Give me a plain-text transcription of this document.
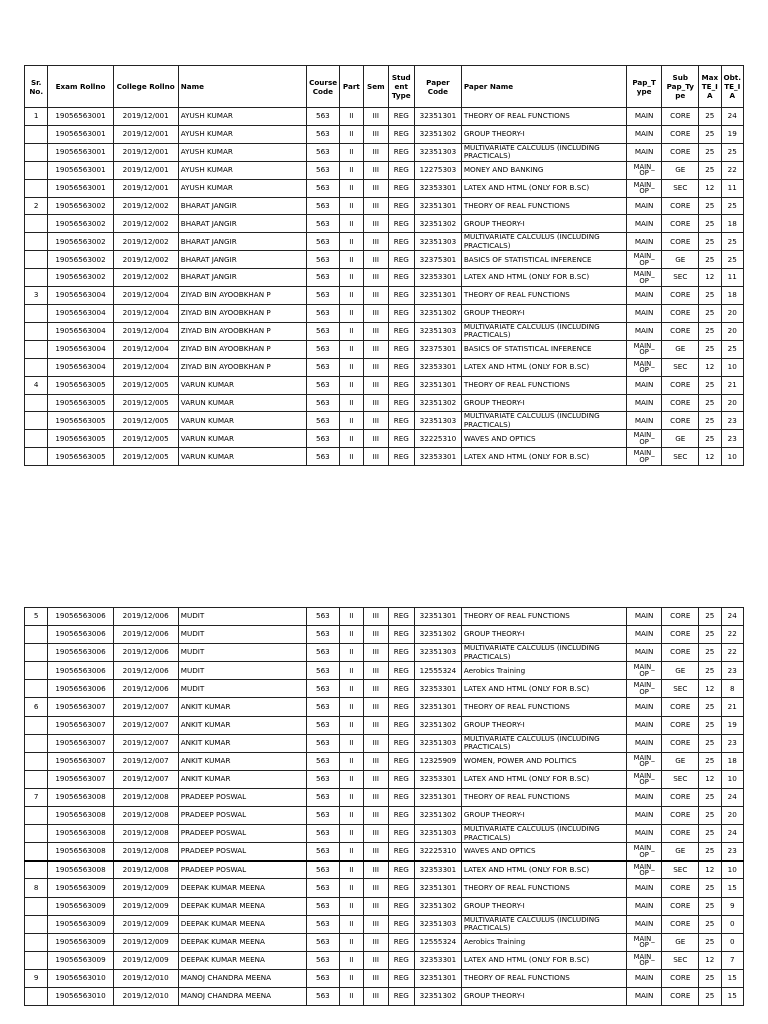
Sr. No.	Exam Rollno	College Rollno	Name	Course Code	Part	Sem	Stud ent Type	Paper Code	Paper Name	Pap_T ype	Sub Pap_Ty pe	Max TE_I A	Obt. TE_I A
1	19056563001	2019/12/001	AYUSH KUMAR	563	II	III	REG	32351301	THEORY OF REAL FUNCTIONS	MAIN	CORE	25	24
	19056563001	2019/12/001	AYUSH KUMAR	563	II	III	REG	32351302	GROUP THEORY-I	MAIN	CORE	25	19
	19056563001	2019/12/001	AYUSH KUMAR	563	II	III	REG	32351303	MULTIVARIATE CALCULUS (INCLUDING PRACTICALS)	MAIN	CORE	25	25
	19056563001	2019/12/001	AYUSH KUMAR	563	II	III	REG	12275303	MONEY AND BANKING	MAIN_ OP	GE	25	22
	19056563001	2019/12/001	AYUSH KUMAR	563	II	III	REG	32353301	LATEX AND HTML (ONLY FOR B.SC)	MAIN_ OP	SEC	12	11
2	19056563002	2019/12/002	BHARAT JANGIR	563	II	III	REG	32351301	THEORY OF REAL FUNCTIONS	MAIN	CORE	25	25
	19056563002	2019/12/002	BHARAT JANGIR	563	II	III	REG	32351302	GROUP THEORY-I	MAIN	CORE	25	18
	19056563002	2019/12/002	BHARAT JANGIR	563	II	III	REG	32351303	MULTIVARIATE CALCULUS (INCLUDING PRACTICALS)	MAIN	CORE	25	25
	19056563002	2019/12/002	BHARAT JANGIR	563	II	III	REG	32375301	BASICS OF STATISTICAL INFERENCE	MAIN_ OP	GE	25	25
	19056563002	2019/12/002	BHARAT JANGIR	563	II	III	REG	32353301	LATEX AND HTML (ONLY FOR B.SC)	MAIN_ OP	SEC	12	11
3	19056563004	2019/12/004	ZIYAD BIN AYOOBKHAN P	563	II	III	REG	32351301	THEORY OF REAL FUNCTIONS	MAIN	CORE	25	18
	19056563004	2019/12/004	ZIYAD BIN AYOOBKHAN P	563	II	III	REG	32351302	GROUP THEORY-I	MAIN	CORE	25	20
	19056563004	2019/12/004	ZIYAD BIN AYOOBKHAN P	563	II	III	REG	32351303	MULTIVARIATE CALCULUS (INCLUDING PRACTICALS)	MAIN	CORE	25	20
	19056563004	2019/12/004	ZIYAD BIN AYOOBKHAN P	563	II	III	REG	32375301	BASICS OF STATISTICAL INFERENCE	MAIN_ OP	GE	25	25
	19056563004	2019/12/004	ZIYAD BIN AYOOBKHAN P	563	II	III	REG	32353301	LATEX AND HTML (ONLY FOR B.SC)	MAIN_ OP	SEC	12	10
4	19056563005	2019/12/005	VARUN KUMAR	563	II	III	REG	32351301	THEORY OF REAL FUNCTIONS	MAIN	CORE	25	21
	19056563005	2019/12/005	VARUN KUMAR	563	II	III	REG	32351302	GROUP THEORY-I	MAIN	CORE	25	20
	19056563005	2019/12/005	VARUN KUMAR	563	II	III	REG	32351303	MULTIVARIATE CALCULUS (INCLUDING PRACTICALS)	MAIN	CORE	25	23
	19056563005	2019/12/005	VARUN KUMAR	563	II	III	REG	32225310	WAVES AND OPTICS	MAIN_ OP	GE	25	23
	19056563005	2019/12/005	VARUN KUMAR	563	II	III	REG	32353301	LATEX AND HTML (ONLY FOR B.SC)	MAIN_ OP	SEC	12	10
5	19056563006	2019/12/006	MUDIT	563	II	III	REG	32351301	THEORY OF REAL FUNCTIONS	MAIN	CORE	25	24
	19056563006	2019/12/006	MUDIT	563	II	III	REG	32351302	GROUP THEORY-I	MAIN	CORE	25	22
	19056563006	2019/12/006	MUDIT	563	II	III	REG	32351303	MULTIVARIATE CALCULUS (INCLUDING PRACTICALS)	MAIN	CORE	25	22
	19056563006	2019/12/006	MUDIT	563	II	III	REG	12555324	Aerobics Training	MAIN_ OP	GE	25	23
	19056563006	2019/12/006	MUDIT	563	II	III	REG	32353301	LATEX AND HTML (ONLY FOR B.SC)	MAIN_ OP	SEC	12	8
6	19056563007	2019/12/007	ANKIT KUMAR	563	II	III	REG	32351301	THEORY OF REAL FUNCTIONS	MAIN	CORE	25	21
	19056563007	2019/12/007	ANKIT KUMAR	563	II	III	REG	32351302	GROUP THEORY-I	MAIN	CORE	25	19
	19056563007	2019/12/007	ANKIT KUMAR	563	II	III	REG	32351303	MULTIVARIATE CALCULUS (INCLUDING PRACTICALS)	MAIN	CORE	25	23
	19056563007	2019/12/007	ANKIT KUMAR	563	II	III	REG	12325909	WOMEN, POWER AND POLITICS	MAIN_ OP	GE	25	18
	19056563007	2019/12/007	ANKIT KUMAR	563	II	III	REG	32353301	LATEX AND HTML (ONLY FOR B.SC)	MAIN_ OP	SEC	12	10
7	19056563008	2019/12/008	PRADEEP POSWAL	563	II	III	REG	32351301	THEORY OF REAL FUNCTIONS	MAIN	CORE	25	24
	19056563008	2019/12/008	PRADEEP POSWAL	563	II	III	REG	32351302	GROUP THEORY-I	MAIN	CORE	25	20
	19056563008	2019/12/008	PRADEEP POSWAL	563	II	III	REG	32351303	MULTIVARIATE CALCULUS (INCLUDING PRACTICALS)	MAIN	CORE	25	24
	19056563008	2019/12/008	PRADEEP POSWAL	563	II	III	REG	32225310	WAVES AND OPTICS	MAIN_ OP	GE	25	23
	19056563008	2019/12/008	PRADEEP POSWAL	563	II	III	REG	32353301	LATEX AND HTML (ONLY FOR B.SC)	MAIN_ OP	SEC	12	10
8	19056563009	2019/12/009	DEEPAK KUMAR MEENA	563	II	III	REG	32351301	THEORY OF REAL FUNCTIONS	MAIN	CORE	25	15
	19056563009	2019/12/009	DEEPAK KUMAR MEENA	563	II	III	REG	32351302	GROUP THEORY-I	MAIN	CORE	25	9
	19056563009	2019/12/009	DEEPAK KUMAR MEENA	563	II	III	REG	32351303	MULTIVARIATE CALCULUS (INCLUDING PRACTICALS)	MAIN	CORE	25	0
	19056563009	2019/12/009	DEEPAK KUMAR MEENA	563	II	III	REG	12555324	Aerobics Training	MAIN_ OP	GE	25	0
	19056563009	2019/12/009	DEEPAK KUMAR MEENA	563	II	III	REG	32353301	LATEX AND HTML (ONLY FOR B.SC)	MAIN_ OP	SEC	12	7
9	19056563010	2019/12/010	MANOJ CHANDRA MEENA	563	II	III	REG	32351301	THEORY OF REAL FUNCTIONS	MAIN	CORE	25	15
	19056563010	2019/12/010	MANOJ CHANDRA MEENA	563	II	III	REG	32351302	GROUP THEORY-I	MAIN	CORE	25	15
